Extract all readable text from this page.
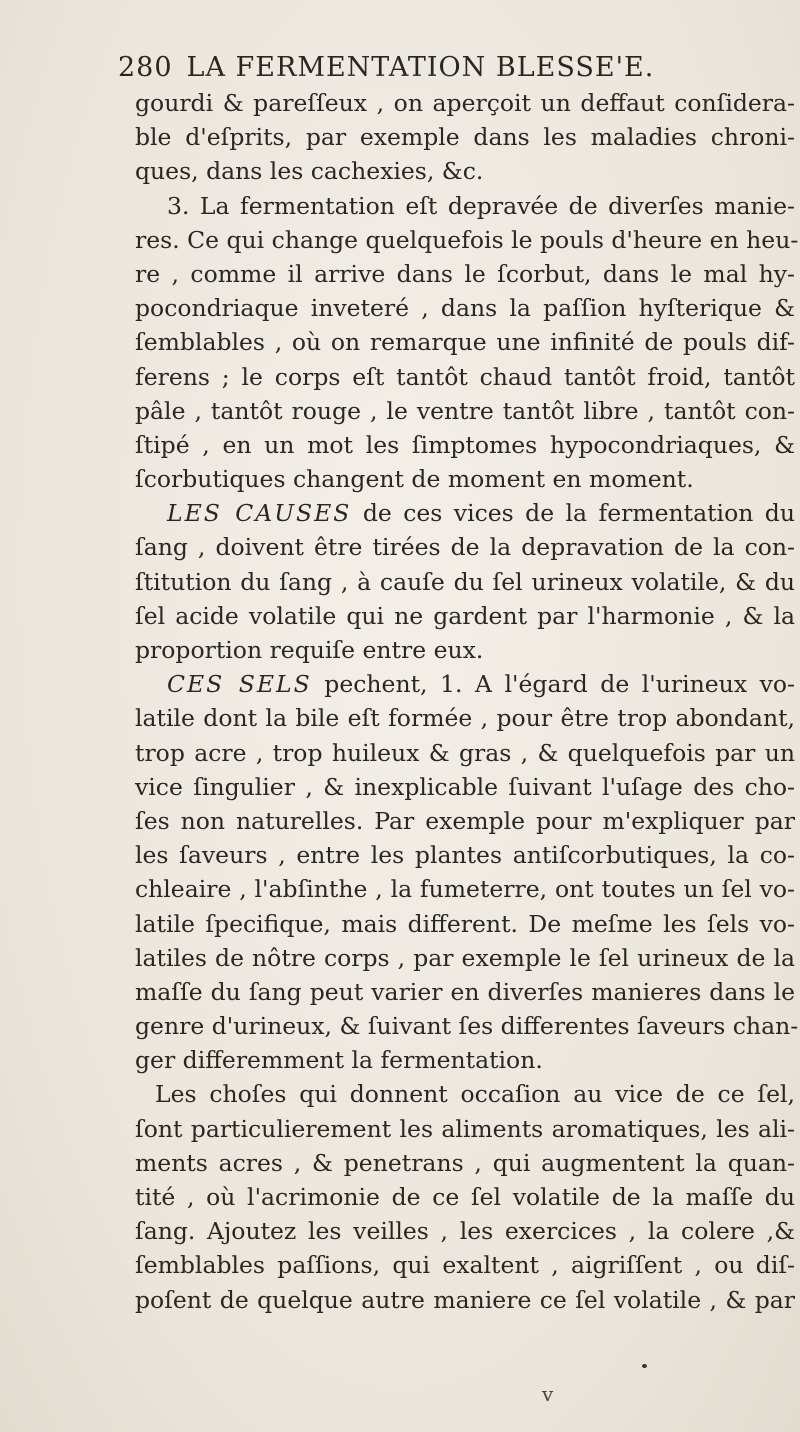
280 LA FERMENTATION BLESSE'E.
gourdi & pareſſeux , on aperçoit un deffaut conſidera-
ble d'eſprits, par exemple dans les maladies chroni-
ques, dans les cachexies, &c.
3. La fermentation eſt depravée de diverſes manie-
res. Ce qui change quelquefois le pouls d'heure en heu-
re , comme il arrive dans le ſcorbut, dans le mal hy-
pocondriaque inveteré , dans la paſſion hyſterique &
ſemblables , où on remarque une infinité de pouls dif-
ferens ; le corps eſt tantôt chaud tantôt froid, tantôt
pâle , tantôt rouge , le ventre tantôt libre , tantôt con-
ſtipé , en un mot les ſimptomes hypocondriaques, &
ſcorbutiques changent de moment en moment.
LES CAUSES de ces vices de la fermentation du
ſang , doivent être tirées de la depravation de la con-
ſtitution du ſang , à cauſe du ſel urineux volatile, & du
ſel acide volatile qui ne gardent par l'harmonie , & la
proportion requiſe entre eux.
CES SELS pechent, 1. A l'égard de l'urineux vo-
latile dont la bile eſt formée , pour être trop abondant,
trop acre , trop huileux & gras , & quelquefois par un
vice ſingulier , & inexplicable ſuivant l'uſage des cho-
ſes non naturelles. Par exemple pour m'expliquer par
les ſaveurs , entre les plantes antiſcorbutiques, la co-
chleaire , l'abſinthe , la fumeterre, ont toutes un ſel vo-
latile ſpecifique, mais different. De meſme les ſels vo-
latiles de nôtre corps , par exemple le ſel urineux de la
maſſe du ſang peut varier en diverſes manieres dans le
genre d'urineux, & ſuivant ſes differentes ſaveurs chan-
ger differemment la fermentation.
Les choſes qui donnent occaſion au vice de ce ſel,
ſont particulierement les aliments aromatiques, les ali-
ments acres , & penetrans , qui augmentent la quan-
tité , où l'acrimonie de ce ſel volatile de la maſſe du
ſang. Ajoutez les veilles , les exercices , la colere ,&
ſemblables paſſions, qui exaltent , aigriſſent , ou diſ-
poſent de quelque autre maniere ce ſel volatile , & par
v
